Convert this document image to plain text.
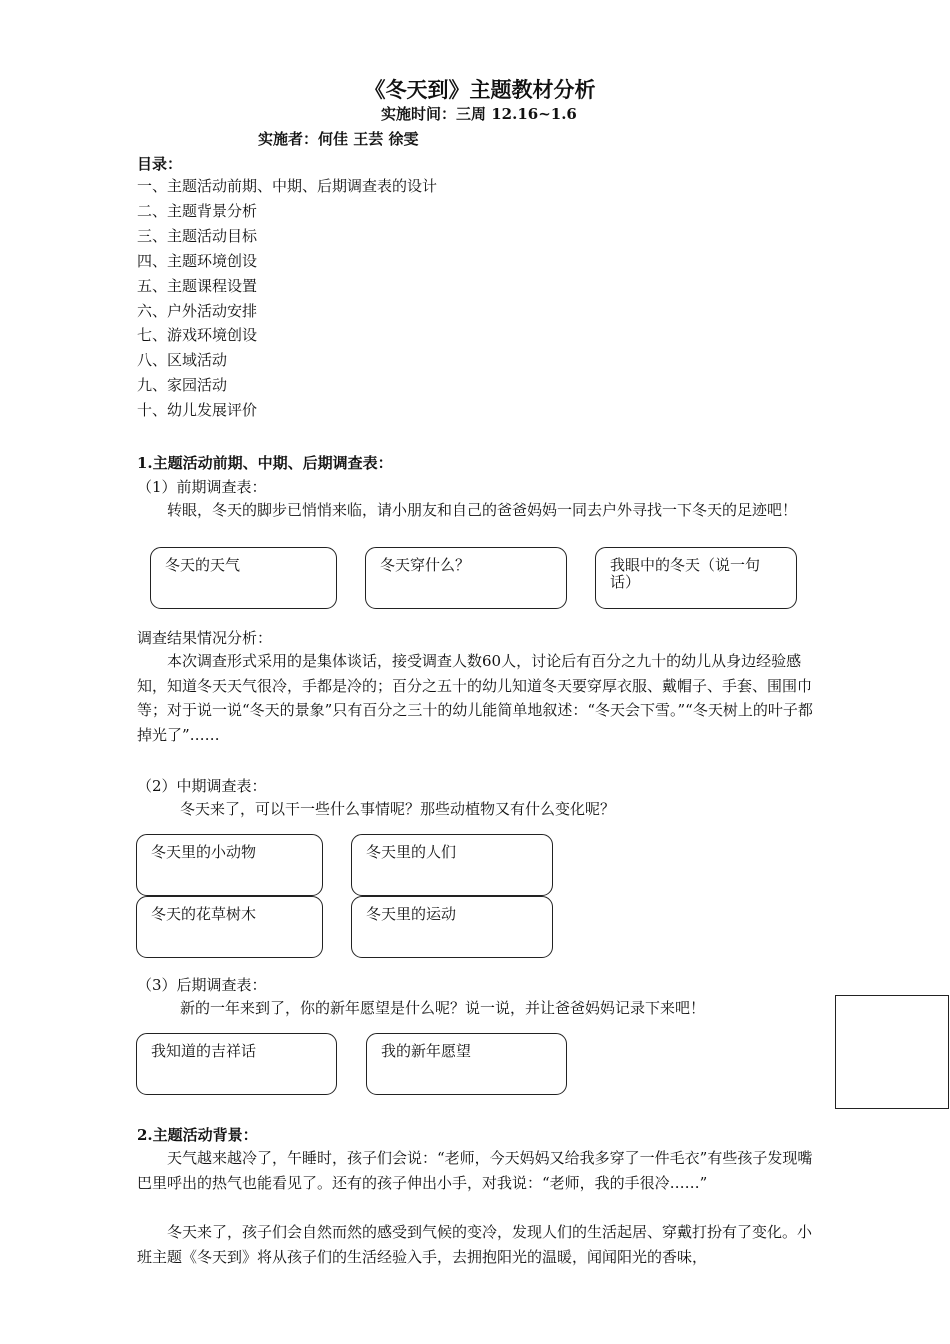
《冬天到》主题教材分析
实施时间：三周 12.16~1.6
实施者：何佳 王芸 徐雯
目录：
一、主题活动前期、中期、后期调查表的设计
二、主题背景分析
三、主题活动目标
四、主题环境创设
五、主题课程设置
六、户外活动安排
七、游戏环境创设
八、区域活动
九、家园活动
十、幼儿发展评价
1.主题活动前期、中期、后期调查表：
（1）前期调查表：
转眼，冬天的脚步已悄悄来临，请小朋友和自己的爸爸妈妈一同去户外寻找一下冬天的足迹吧！
冬天的天气	冬天穿什么？	我眼中的冬天（说一句话）
调查结果情况分析：
本次调查形式采用的是集体谈话，接受调查人数60人，讨论后有百分之九十的幼儿从身边经验感知，知道冬天天气很冷，手都是冷的；百分之五十的幼儿知道冬天要穿厚衣服、戴帽子、手套、围围巾等；对于说一说“冬天的景象”只有百分之三十的幼儿能简单地叙述：“冬天会下雪。”“冬天树上的叶子都掉光了”……
（2）中期调查表：
冬天来了，可以干一些什么事情呢？那些动植物又有什么变化呢？
冬天里的小动物	冬天里的人们
冬天的花草树木	冬天里的运动
（3）后期调查表：
新的一年来到了，你的新年愿望是什么呢？说一说，并让爸爸妈妈记录下来吧！
我知道的吉祥话	我的新年愿望
2.主题活动背景：
天气越来越冷了，午睡时，孩子们会说：“老师，今天妈妈又给我多穿了一件毛衣”有些孩子发现嘴巴里呼出的热气也能看见了。还有的孩子伸出小手，对我说：“老师，我的手很冷……”
冬天来了，孩子们会自然而然的感受到气候的变冷，发现人们的生活起居、穿戴打扮有了变化。小班主题《冬天到》将从孩子们的生活经验入手，去拥抱阳光的温暖，闻闻阳光的香味，
